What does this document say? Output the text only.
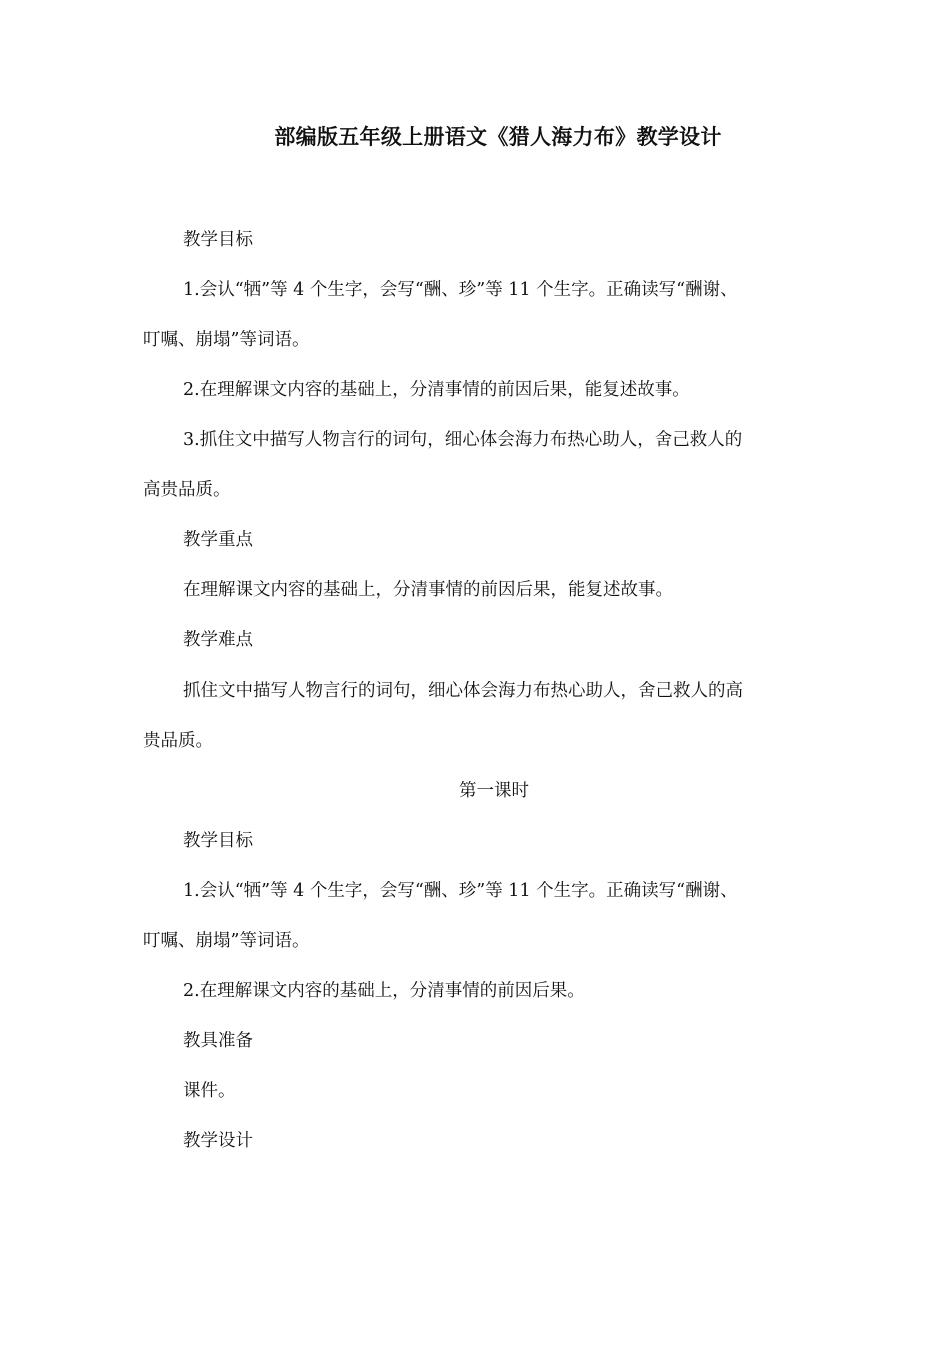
部编版五年级上册语文《猎人海力布》教学设计
教学目标
1.会认“牺”等 4 个生字，会写“酬、珍”等 11 个生字。正确读写“酬谢、
叮嘱、崩塌”等词语。
2.在理解课文内容的基础上，分清事情的前因后果，能复述故事。
3.抓住文中描写人物言行的词句，细心体会海力布热心助人，舍己救人的
高贵品质。
教学重点
在理解课文内容的基础上，分清事情的前因后果，能复述故事。
教学难点
抓住文中描写人物言行的词句，细心体会海力布热心助人，舍己救人的高
贵品质。
第一课时
教学目标
1.会认“牺”等 4 个生字，会写“酬、珍”等 11 个生字。正确读写“酬谢、
叮嘱、崩塌”等词语。
2.在理解课文内容的基础上，分清事情的前因后果。
教具准备
课件。
教学设计
